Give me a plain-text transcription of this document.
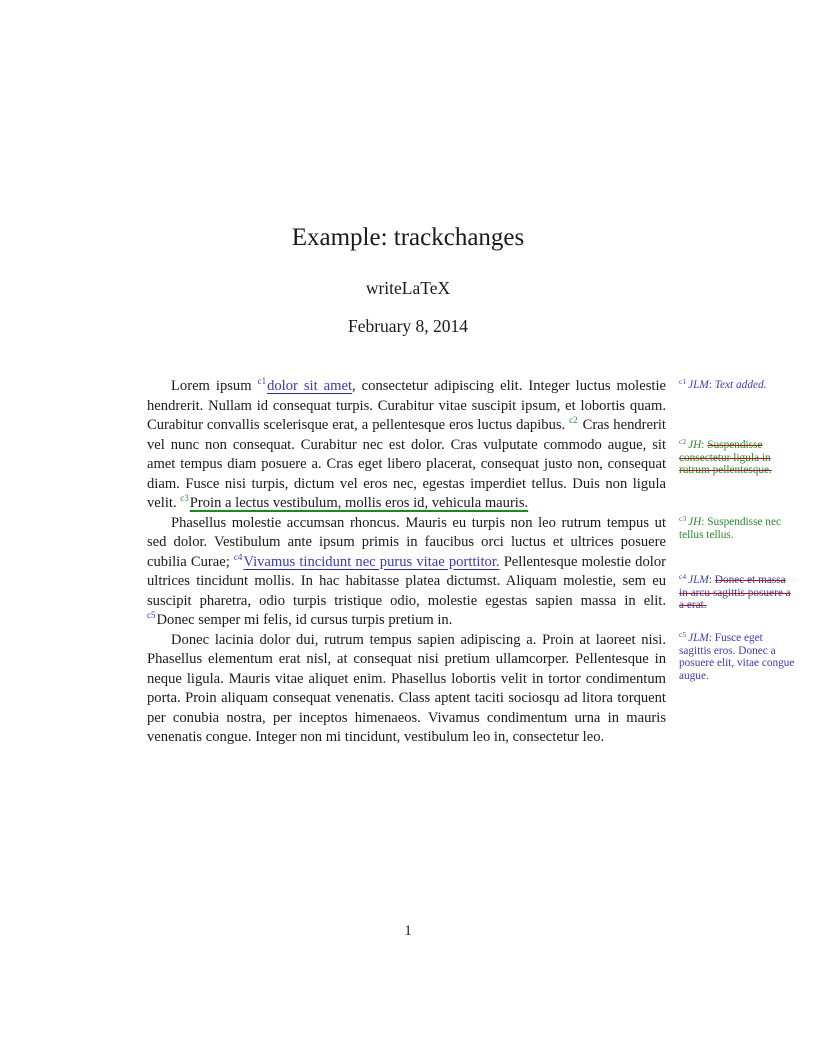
Example: trackchanges
writeLaTeX
February 8, 2014

Lorem ipsum $^{c1}$dolor sit amet, consectetur adipiscing elit. Integer luctus molestie hendrerit. Nullam id consequat turpis. Curabitur vitae suscipit ipsum, et lobortis quam. Curabitur convallis scelerisque erat, a pellentesque eros luctus dapibus. $^{c2}$ Cras hendrerit vel nunc non consequat. Curabitur nec est dolor. Cras vulputate commodo augue, sit amet tempus diam posuere a. Cras eget libero placerat, consequat justo non, consequat diam. Fusce nisi turpis, dictum vel eros nec, egestas imperdiet tellus. Duis non ligula velit. $^{c3}$Proin a lectus vestibulum, mollis eros id, vehicula mauris.

Phasellus molestie accumsan rhoncus. Mauris eu turpis non leo rutrum tempus ut sed dolor. Vestibulum ante ipsum primis in faucibus orci luctus et ultrices posuere cubilia Curae; $^{c4}$Vivamus tincidunt nec purus vitae porttitor. Pellentesque molestie dolor ultrices tincidunt mollis. In hac habitasse platea dictumst. Aliquam molestie, sem eu suscipit pharetra, odio turpis tristique odio, molestie egestas sapien massa in elit. $^{c5}$Donec semper mi felis, id cursus turpis pretium in.

Donec lacinia dolor dui, rutrum tempus sapien adipiscing a. Proin at laoreet nisi. Phasellus elementum erat nisl, at consequat nisi pretium ullamcorper. Pellentesque in neque ligula. Mauris vitae aliquet enim. Phasellus lobortis velit in tortor condimentum porta. Proin aliquam consequat venenatis. Class aptent taciti sociosqu ad litora torquent per conubia nostra, per inceptos himenaeos. Vivamus condimentum urna in mauris venenatis congue. Integer non mi tincidunt, vestibulum leo in, consectetur leo.

$^{c1}$ JLM: Text added.
$^{c2}$ JH: Suspendisse consectetur ligula in rutrum pellentesque.
$^{c3}$ JH: Suspendisse nec tellus tellus.
$^{c4}$ JLM: Donec et massa in arcu sagittis posuere a a erat.
$^{c5}$ JLM: Fusce eget sagittis eros. Donec a posuere elit, vitae congue augue.
1
